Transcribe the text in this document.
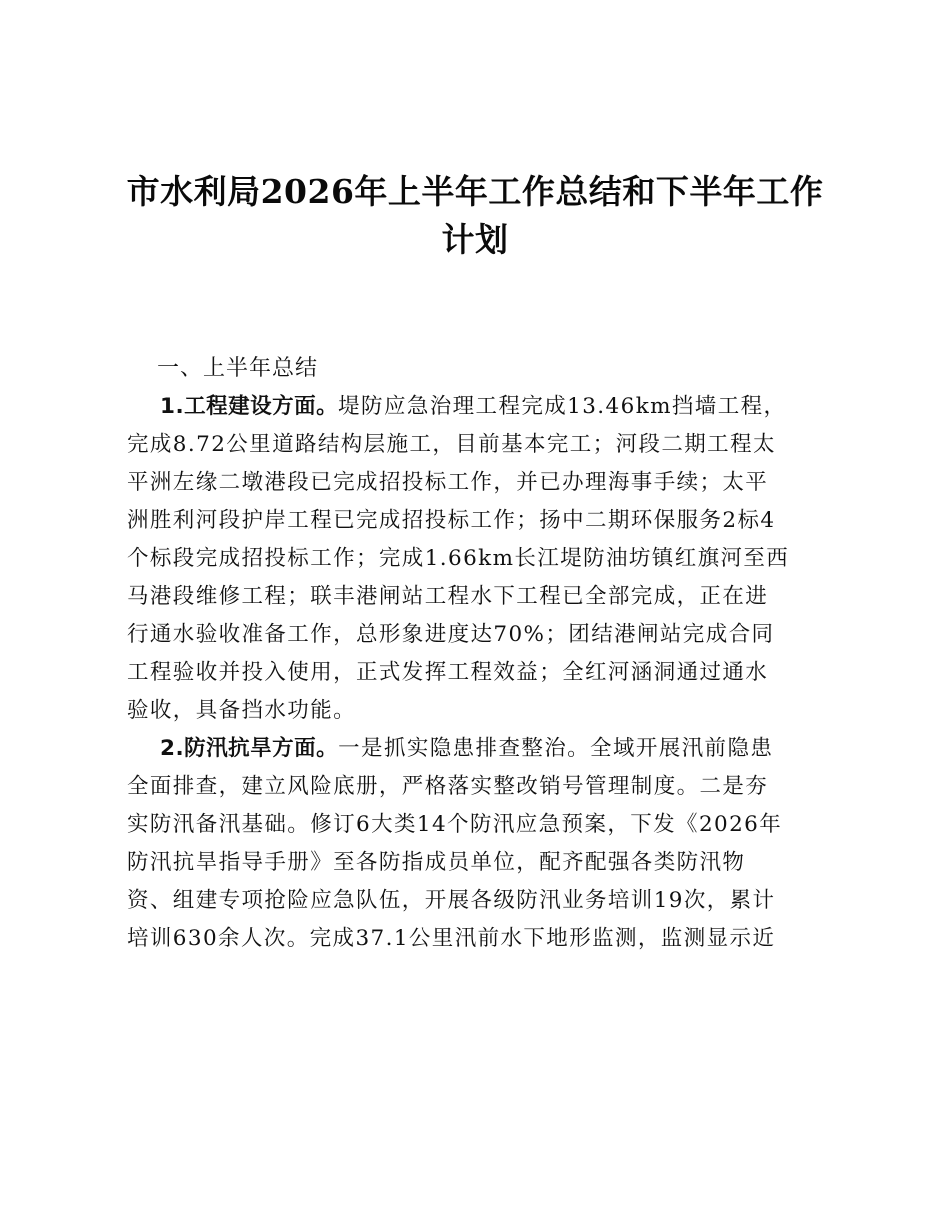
市水利局2026年上半年工作总结和下半年工作
计划
一、上半年总结
1.工程建设方面。堤防应急治理工程完成13.46km挡墙工程，
完成8.72公里道路结构层施工，目前基本完工；河段二期工程太
平洲左缘二墩港段已完成招投标工作，并已办理海事手续；太平
洲胜利河段护岸工程已完成招投标工作；扬中二期环保服务2标4
个标段完成招投标工作；完成1.66km长江堤防油坊镇红旗河至西
马港段维修工程；联丰港闸站工程水下工程已全部完成，正在进
行通水验收准备工作，总形象进度达70%；团结港闸站完成合同
工程验收并投入使用，正式发挥工程效益；全红河涵洞通过通水
验收，具备挡水功能。
2.防汛抗旱方面。一是抓实隐患排查整治。全域开展汛前隐患
全面排查，建立风险底册，严格落实整改销号管理制度。二是夯
实防汛备汛基础。修订6大类14个防汛应急预案，下发《2026年
防汛抗旱指导手册》至各防指成员单位，配齐配强各类防汛物
资、组建专项抢险应急队伍，开展各级防汛业务培训19次，累计
培训630余人次。完成37.1公里汛前水下地形监测，监测显示近
